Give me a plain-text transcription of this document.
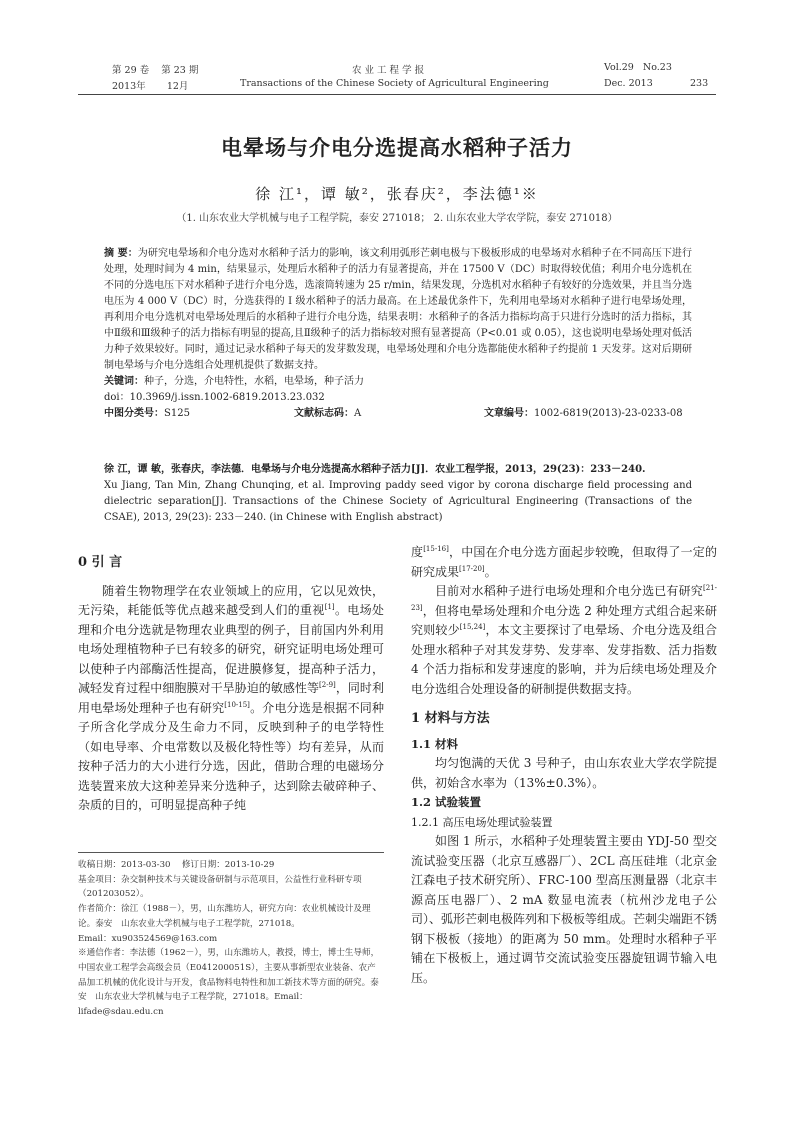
第 29 卷 第 23 期	农 业 工 程 学 报	Vol.29 No.23
2013年 12月	Transactions of the Chinese Society of Agricultural Engineering	Dec. 2013	233
电晕场与介电分选提高水稻种子活力
徐 江¹，谭 敏²，张春庆²，李法德¹※
（1. 山东农业大学机械与电子工程学院，泰安 271018； 2. 山东农业大学农学院，泰安 271018）

摘 要：为研究电晕场和介电分选对水稻种子活力的影响，该文利用弧形芒刺电极与下极板形成的电晕场对水稻种子在不同高压下进行处理，处理时间为 4 min，结果显示，处理后水稻种子的活力有显著提高，并在 17500 V（DC）时取得较优值；利用介电分选机在不同的分选电压下对水稻种子进行介电分选，选滚筒转速为 25 r/min，结果发现，分选机对水稻种子有较好的分选效果，并且当分选电压为 4 000 V（DC）时，分选获得的 I 级水稻种子的活力最高。在上述最优条件下，先利用电晕场对水稻种子进行电晕场处理，再利用介电分选机对电晕场处理后的水稻种子进行介电分选，结果表明：水稻种子的各活力指标均高于只进行分选时的活力指标，其中Ⅱ级和Ⅲ级种子的活力指标有明显的提高,且Ⅱ级种子的活力指标较对照有显著提高（P<0.01 或 0.05），这也说明电晕场处理对低活力种子效果较好。同时，通过记录水稻种子每天的发芽数发现，电晕场处理和介电分选都能使水稻种子约提前 1 天发芽。这对后期研制电晕场与介电分选组合处理机提供了数据支持。

关键词：种子，分选，介电特性，水稻，电晕场，种子活力

doi：10.3969/j.issn.1002-6819.2013.23.032

中图分类号：S125	文献标志码：A	文章编号：1002-6819(2013)-23-0233-08

徐 江，谭 敏，张春庆，李法德．电晕场与介电分选提高水稻种子活力[J]．农业工程学报，2013，29(23)：233－240.

Xu Jiang, Tan Min, Zhang Chunqing, et al. Improving paddy seed vigor by corona discharge field processing and dielectric separation[J]. Transactions of the Chinese Society of Agricultural Engineering (Transactions of the CSAE), 2013, 29(23): 233－240. (in Chinese with English abstract)

0 引 言

随着生物物理学在农业领域上的应用，它以见效快，无污染，耗能低等优点越来越受到人们的重视[1]。电场处理和介电分选就是物理农业典型的例子，目前国内外利用电场处理植物种子已有较多的研究，研究证明电场处理可以使种子内部酶活性提高，促进膜修复，提高种子活力，减轻发育过程中细胞膜对干旱胁迫的敏感性等[2-9]，同时利用电晕场处理种子也有研究[10-15]。介电分选是根据不同种子所含化学成分及生命力不同，反映到种子的电学特性（如电导率、介电常数以及极化特性等）均有差异，从而按种子活力的大小进行分选，因此，借助合理的电磁场分选装置来放大这种差异来分选种子，达到除去破碎种子、杂质的目的，可明显提高种子纯

收稿日期：2013-03-30　 修订日期：2013-10-29

基金项目：杂交制种技术与关键设备研制与示范项目，公益性行业科研专项（201203052）。

作者简介：徐江（1988－），男，山东潍坊人，研究方向：农业机械设计及理论。泰安　山东农业大学机械与电子工程学院，271018。

Email：xu903524569@163.com

※通信作者：李法德（1962－），男，山东潍坊人，教授，博士，博士生导师，中国农业工程学会高级会员（E041200051S），主要从事新型农业装备、农产品加工机械的优化设计与开发，食品物料电特性和加工新技术等方面的研究。泰安　山东农业大学机械与电子工程学院，271018。Email：lifade@sdau.edu.cn

度[15-16]，中国在介电分选方面起步较晚，但取得了一定的研究成果[17-20]。

目前对水稻种子进行电场处理和介电分选已有研究[21-23]，但将电晕场处理和介电分选 2 种处理方式组合起来研究则较少[15,24]，本文主要探讨了电晕场、介电分选及组合处理水稻种子对其发芽势、发芽率、发芽指数、活力指数 4 个活力指标和发芽速度的影响，并为后续电场处理及介电分选组合处理设备的研制提供数据支持。

1 材料与方法

1.1 材料

均匀饱满的天优 3 号种子，由山东农业大学农学院提供，初始含水率为（13%±0.3%）。

1.2 试验装置

1.2.1 高压电场处理试验装置

如图 1 所示，水稻种子处理装置主要由 YDJ-50 型交流试验变压器（北京互感器厂）、2CL 高压硅堆（北京金江森电子技术研究所）、FRC-100 型高压测量器（北京丰源高压电器厂）、2 mA 数显电流表（杭州沙龙电子公司）、弧形芒刺电极阵列和下极板等组成。芒刺尖端距不锈钢下极板（接地）的距离为 50 mm。处理时水稻种子平铺在下极板上，通过调节交流试验变压器旋钮调节输入电压。
